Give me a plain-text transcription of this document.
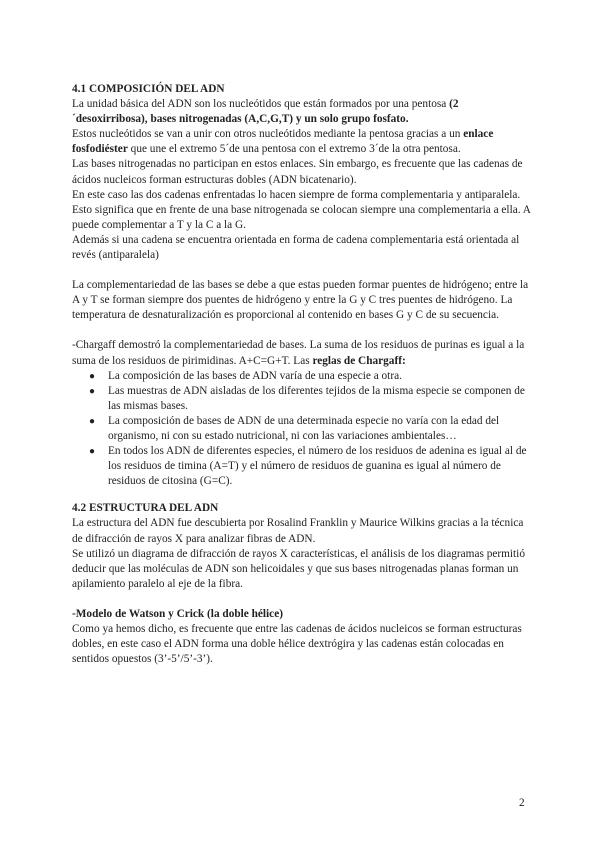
4.1 COMPOSICIÓN DEL ADN

La unidad básica del ADN son los nucleótidos que están formados por una pentosa (2´desoxirribosa), bases nitrogenadas (A,C,G,T) y un solo grupo fosfato.

Estos nucleótidos se van a unir con otros nucleótidos mediante la pentosa gracias a un enlace fosfodiéster que une el extremo 5´de una pentosa con el extremo 3´de la otra pentosa.

Las bases nitrogenadas no participan en estos enlaces. Sin embargo, es frecuente que las cadenas de ácidos nucleicos forman estructuras dobles (ADN bicatenario).

En este caso las dos cadenas enfrentadas lo hacen siempre de forma complementaria y antiparalela. Esto significa que en frente de una base nitrogenada se colocan siempre una complementaria a ella. A puede complementar a T y la C a la G.

Además si una cadena se encuentra orientada en forma de cadena complementaria está orientada al revés (antiparalela)

La complementariedad de las bases se debe a que estas pueden formar puentes de hidrógeno; entre la A y T se forman siempre dos puentes de hidrógeno y entre la G y C tres puentes de hidrógeno. La temperatura de desnaturalización es proporcional al contenido en bases G y C de su secuencia.

-Chargaff demostró la complementariedad de bases. La suma de los residuos de purinas es igual a la suma de los residuos de pirimidinas. A+C=G+T. Las reglas de Chargaff:

● La composición de las bases de ADN varía de una especie a otra.
● Las muestras de ADN aisladas de los diferentes tejidos de la misma especie se componen de las mismas bases.
● La composición de bases de ADN de una determinada especie no varía con la edad del organismo, ni con su estado nutricional, ni con las variaciones ambientales…
● En todos los ADN de diferentes especies, el número de los residuos de adenina es igual al de los residuos de timina (A=T) y el número de residuos de guanina es igual al número de residuos de citosina (G=C).

4.2 ESTRUCTURA DEL ADN

La estructura del ADN fue descubierta por Rosalind Franklin y Maurice Wilkins gracias a la técnica de difracción de rayos X para analizar fibras de ADN.

Se utilizó un diagrama de difracción de rayos X características, el análisis de los diagramas permitió deducir que las moléculas de ADN son helicoidales y que sus bases nitrogenadas planas forman un apilamiento paralelo al eje de la fibra.

-Modelo de Watson y Crick (la doble hélice)

Como ya hemos dicho, es frecuente que entre las cadenas de ácidos nucleicos se forman estructuras dobles, en este caso el ADN forma una doble hélice dextrógira y las cadenas están colocadas en sentidos opuestos (3’-5’/5’-3’).

2
